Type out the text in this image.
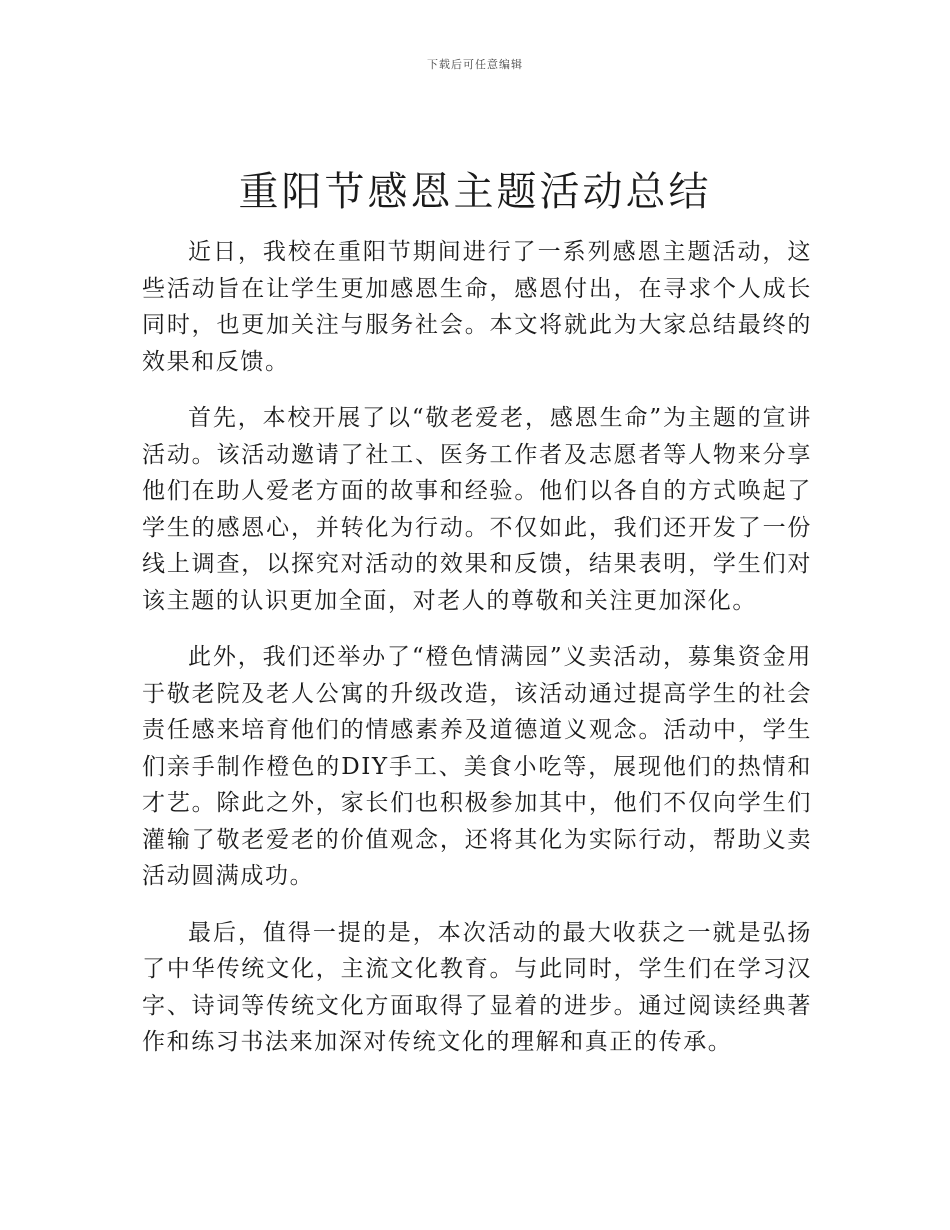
下载后可任意编辑
重阳节感恩主题活动总结

近日，我校在重阳节期间进行了一系列感恩主题活动，这些活动旨在让学生更加感恩生命，感恩付出，在寻求个人成长同时，也更加关注与服务社会。本文将就此为大家总结最终的效果和反馈。

首先，本校开展了以“敬老爱老，感恩生命”为主题的宣讲活动。该活动邀请了社工、医务工作者及志愿者等人物来分享他们在助人爱老方面的故事和经验。他们以各自的方式唤起了学生的感恩心，并转化为行动。不仅如此，我们还开发了一份线上调查，以探究对活动的效果和反馈，结果表明，学生们对该主题的认识更加全面，对老人的尊敬和关注更加深化。

此外，我们还举办了“橙色情满园”义卖活动，募集资金用于敬老院及老人公寓的升级改造，该活动通过提高学生的社会责任感来培育他们的情感素养及道德道义观念。活动中，学生们亲手制作橙色的DIY手工、美食小吃等，展现他们的热情和才艺。除此之外，家长们也积极参加其中，他们不仅向学生们灌输了敬老爱老的价值观念，还将其化为实际行动，帮助义卖活动圆满成功。

最后，值得一提的是，本次活动的最大收获之一就是弘扬了中华传统文化，主流文化教育。与此同时，学生们在学习汉字、诗词等传统文化方面取得了显着的进步。通过阅读经典著作和练习书法来加深对传统文化的理解和真正的传承。
